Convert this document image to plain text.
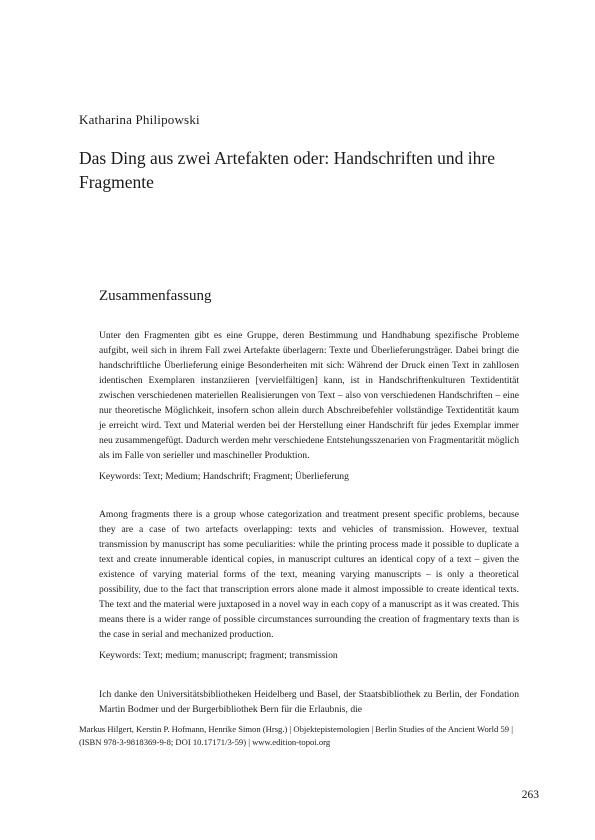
Katharina Philipowski

Das Ding aus zwei Artefakten oder: Handschriften und ihre Fragmente
Zusammenfassung

Unter den Fragmenten gibt es eine Gruppe, deren Bestimmung und Handhabung spezifische Probleme aufgibt, weil sich in ihrem Fall zwei Artefakte überlagern: Texte und Überlieferungsträger. Dabei bringt die handschriftliche Überlieferung einige Besonderheiten mit sich: Während der Druck einen Text in zahllosen identischen Exemplaren instanziieren [vervielfältigen] kann, ist in Handschriftenkulturen Textidentität zwischen verschiedenen materiellen Realisierungen von Text – also von verschiedenen Handschriften – eine nur theoretische Möglichkeit, insofern schon allein durch Abschreibefehler vollständige Textidentität kaum je erreicht wird. Text und Material werden bei der Herstellung einer Handschrift für jedes Exemplar immer neu zusammengefügt. Dadurch werden mehr verschiedene Entstehungsszenarien von Fragmentarität möglich als im Falle von serieller und maschineller Produktion.

Keywords: Text; Medium; Handschrift; Fragment; Überlieferung

Among fragments there is a group whose categorization and treatment present specific problems, because they are a case of two artefacts overlapping: texts and vehicles of transmission. However, textual transmission by manuscript has some peculiarities: while the printing process made it possible to duplicate a text and create innumerable identical copies, in manuscript cultures an identical copy of a text – given the existence of varying material forms of the text, meaning varying manuscripts – is only a theoretical possibility, due to the fact that transcription errors alone made it almost impossible to create identical texts. The text and the material were juxtaposed in a novel way in each copy of a manuscript as it was created. This means there is a wider range of possible circumstances surrounding the creation of fragmentary texts than is the case in serial and mechanized production.

Keywords: Text; medium; manuscript; fragment; transmission

Ich danke den Universitätsbibliotheken Heidelberg und Basel, der Staatsbibliothek zu Berlin, der Fondation Martin Bodmer und der Burgerbibliothek Bern für die Erlaubnis, die

Markus Hilgert, Kerstin P. Hofmann, Henrike Simon (Hrsg.) | Objektepistemologien | Berlin Studies of the Ancient World 59 | (ISBN 978-3-9818369-9-8; DOI 10.17171/3-59) | www.edition-topoi.org

263
